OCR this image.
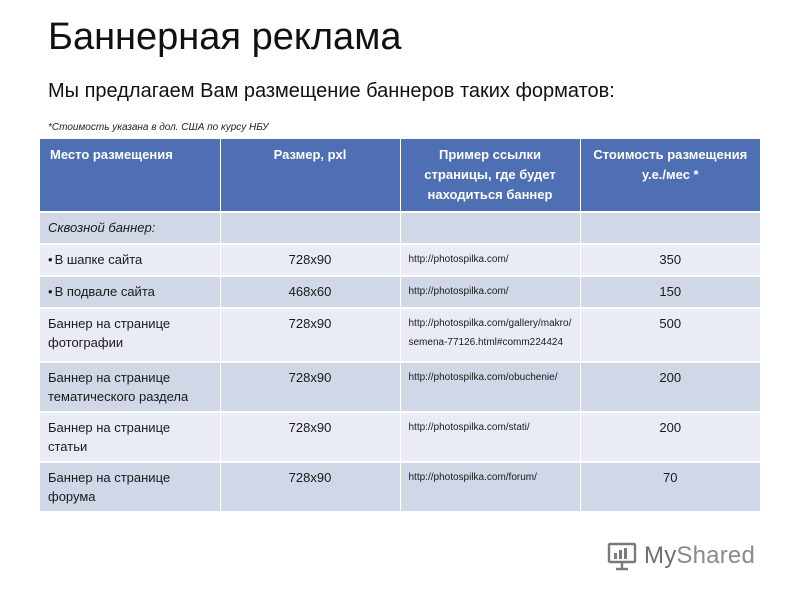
Баннерная реклама
Мы предлагаем Вам размещение баннеров таких форматов:
*Стоимость указана в дол. США по курсу НБУ
Место размещения	Размер, pxl	Пример ссылки страницы, где будет находиться баннер	Стоимость размещения у.е./мес *
Сквозной баннер:			
• В шапке сайта	728x90	http://photospilka.com/	350
• В подвале сайта	468x60	http://photospilka.com/	150
Баннер на странице фотографии	728x90	http://photospilka.com/gallery/makro/semena-77126.html#comm224424	500
Баннер на странице тематического раздела	728x90	http://photospilka.com/obuchenie/	200
Баннер на странице статьи	728x90	http://photospilka.com/stati/	200
Баннер на странице форума	728x90	http://photospilka.com/forum/	70
MyShared
